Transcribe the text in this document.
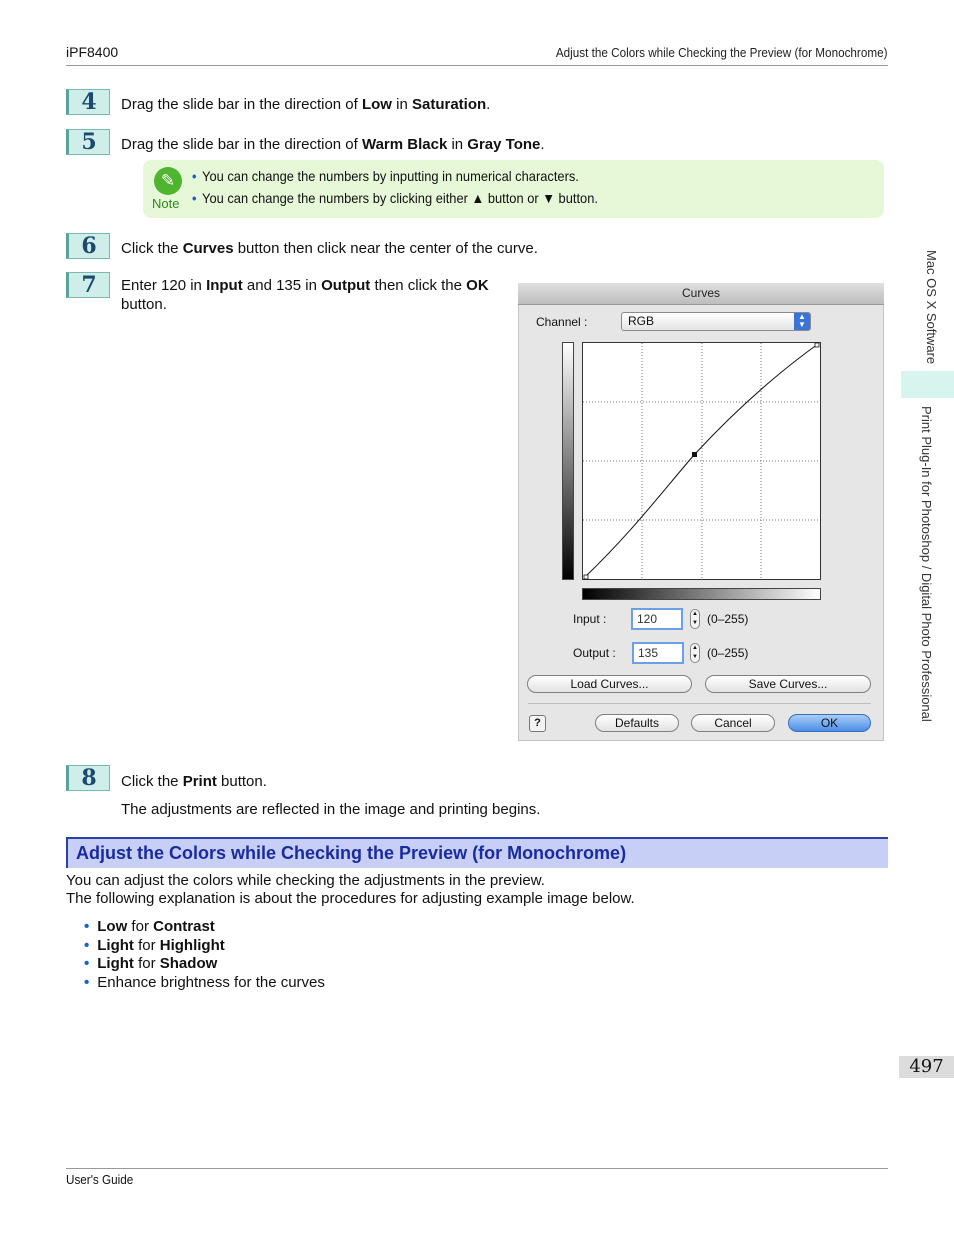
iPF8400	Adjust the Colors while Checking the Preview (for Monochrome)
User's Guide
Mac OS X Software
Print Plug-In for Photoshop / Digital Photo Professional
497
4	Drag the slide bar in the direction of Low in Saturation.
5	Drag the slide bar in the direction of Warm Black in Gray Tone.
✎
Note
• You can change the numbers by inputting in numerical characters.
• You can change the numbers by clicking either ▲ button or ▼ button.
6	Click the Curves button then click near the center of the curve.
7	Enter 120 in Input and 135 in Output then click the OK
button.
Curves
Channel :	RGB	▲
▼
Input :	120	▲
▼ (0–255)
Output :	135	▲
▼ (0–255)
Load Curves...	Save Curves...
?	Defaults	Cancel	OK
8	Click the Print button.
The adjustments are reflected in the image and printing begins.
Adjust the Colors while Checking the Preview (for Monochrome)
You can adjust the colors while checking the adjustments in the preview.
The following explanation is about the procedures for adjusting example image below.
• Low for Contrast
• Light for Highlight
• Light for Shadow
• Enhance brightness for the curves
